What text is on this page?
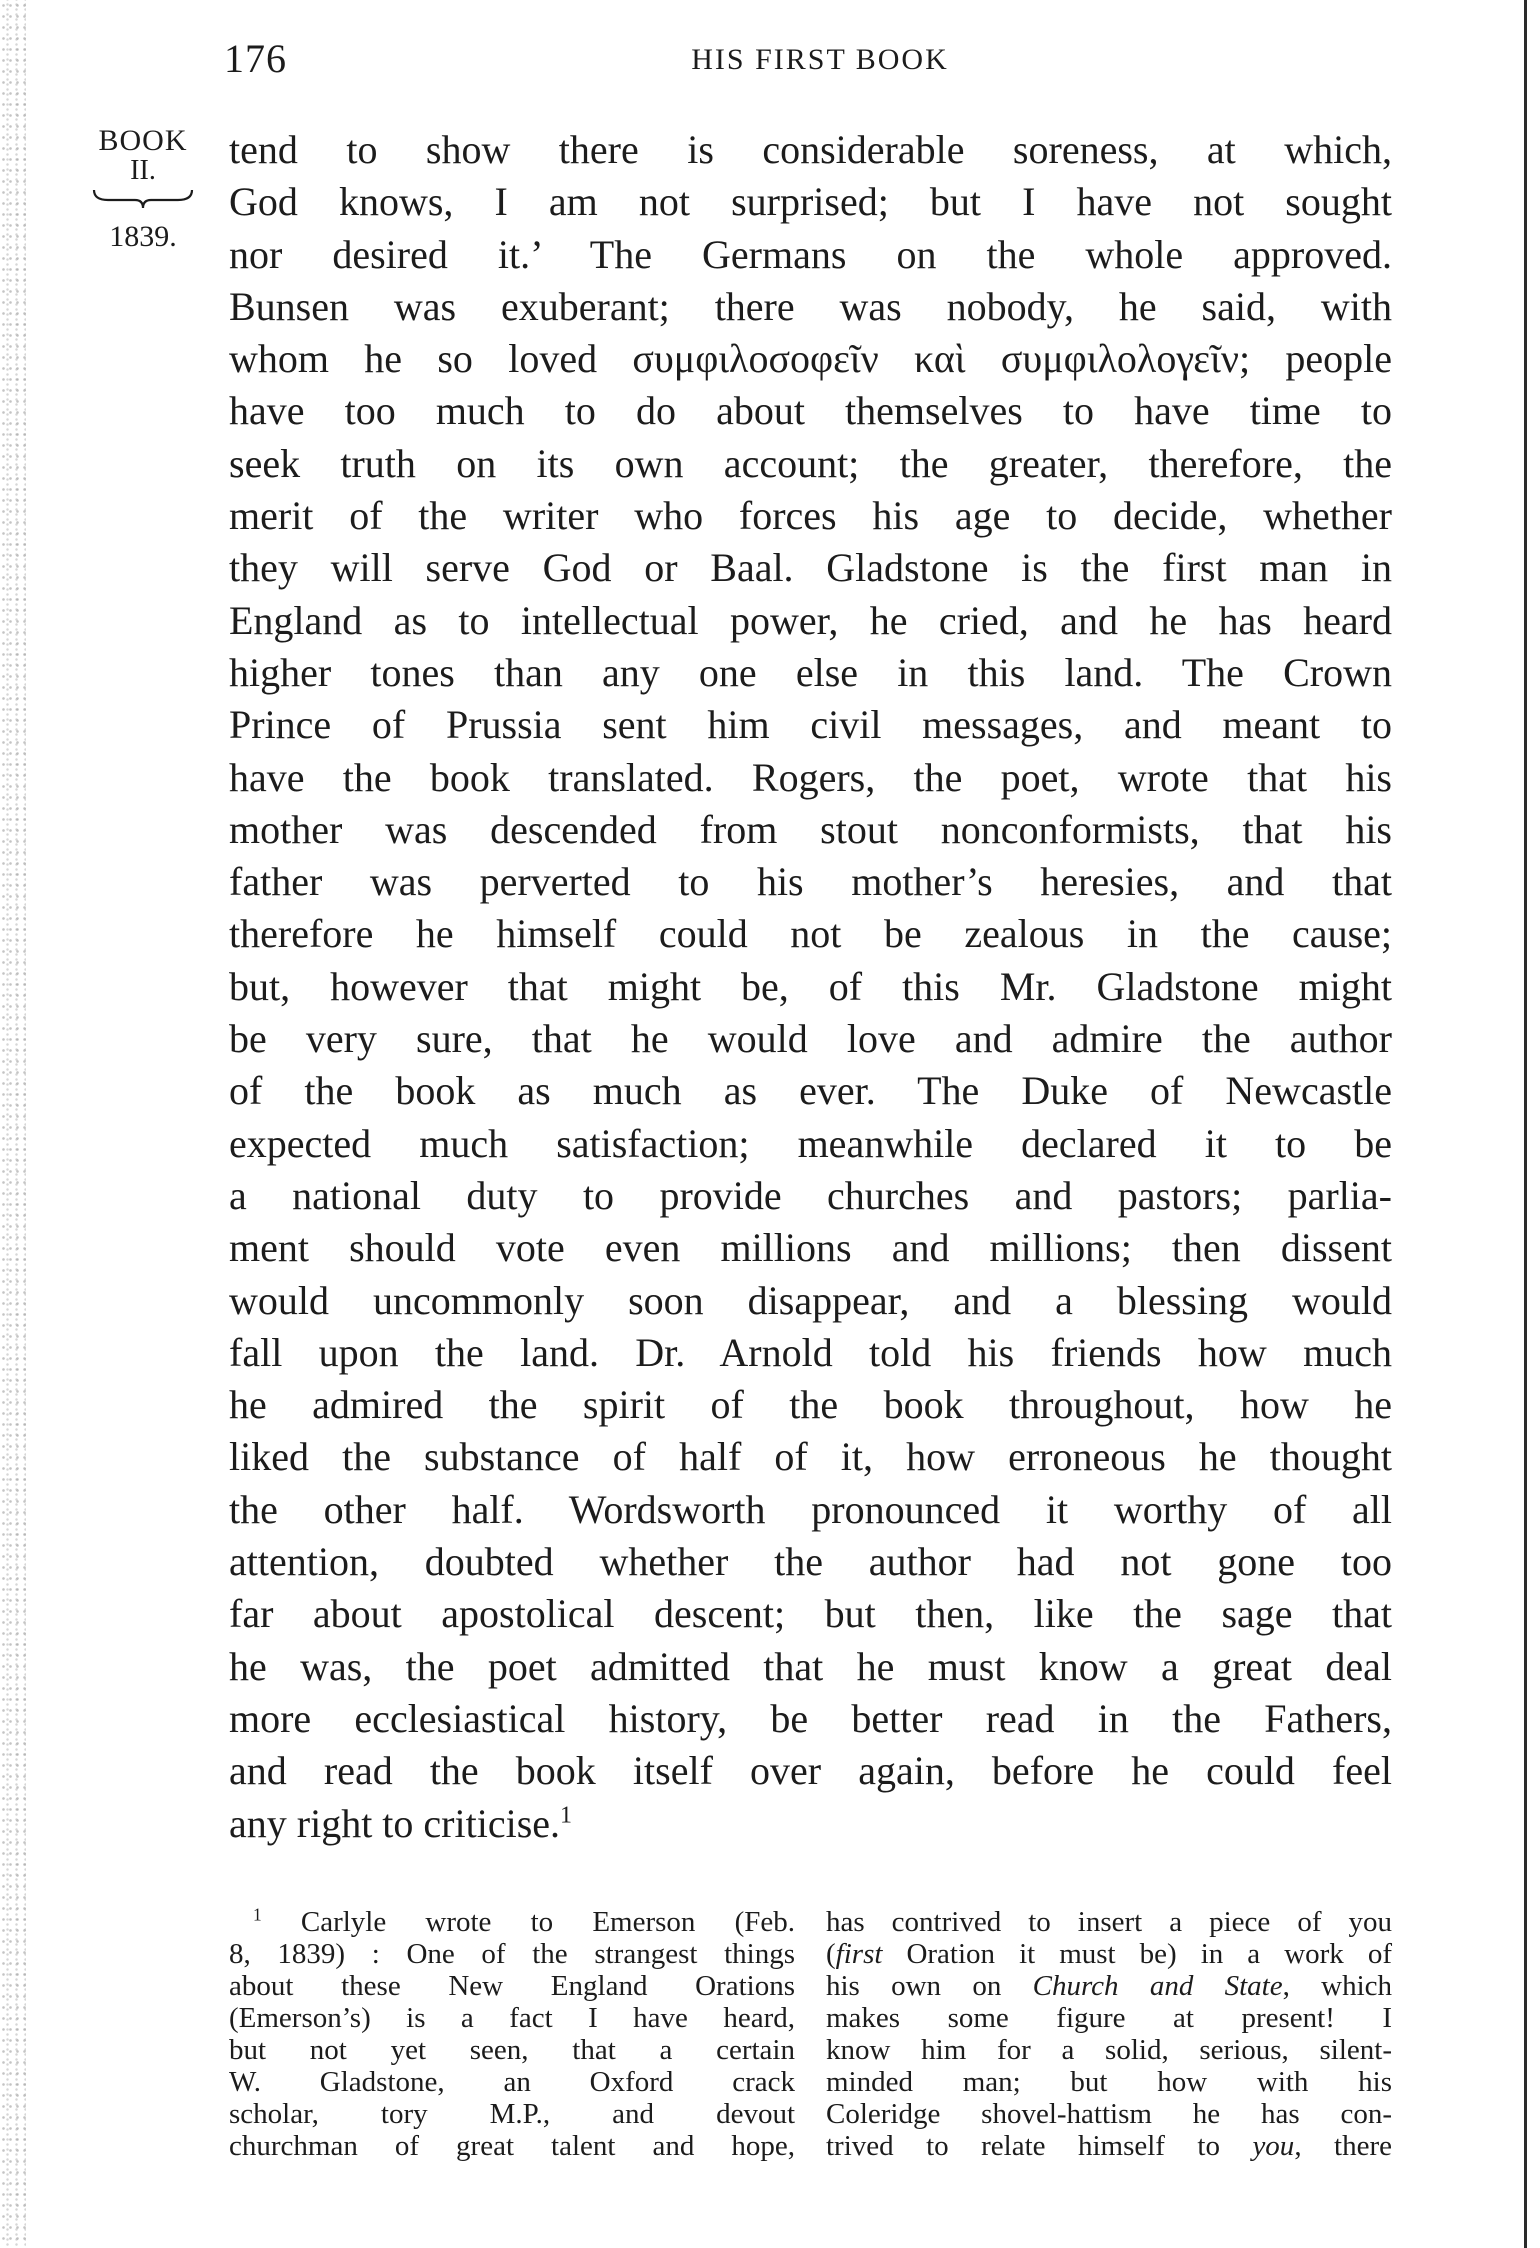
176	HIS FIRST BOOK
BOOK
II.
1839.
tend to show there is considerable soreness, at which,
God knows, I am not surprised; but I have not sought
nor desired it.’ The Germans on the whole approved.
Bunsen was exuberant; there was nobody, he said, with
whom he so loved συμφιλοσοφεῖν καὶ συμφιλολογεῖν; people
have too much to do about themselves to have time to
seek truth on its own account; the greater, therefore, the
merit of the writer who forces his age to decide, whether
they will serve God or Baal. Gladstone is the first man in
England as to intellectual power, he cried, and he has heard
higher tones than any one else in this land. The Crown
Prince of Prussia sent him civil messages, and meant to
have the book translated. Rogers, the poet, wrote that his
mother was descended from stout nonconformists, that his
father was perverted to his mother’s heresies, and that
therefore he himself could not be zealous in the cause;
but, however that might be, of this Mr. Gladstone might
be very sure, that he would love and admire the author
of the book as much as ever. The Duke of Newcastle
expected much satisfaction; meanwhile declared it to be
a national duty to provide churches and pastors; parlia-
ment should vote even millions and millions; then dissent
would uncommonly soon disappear, and a blessing would
fall upon the land. Dr. Arnold told his friends how much
he admired the spirit of the book throughout, how he
liked the substance of half of it, how erroneous he thought
the other half. Wordsworth pronounced it worthy of all
attention, doubted whether the author had not gone too
far about apostolical descent; but then, like the sage that
he was, the poet admitted that he must know a great deal
more ecclesiastical history, be better read in the Fathers,
and read the book itself over again, before he could feel
any right to criticise.$^1$
$^1$ Carlyle wrote to Emerson (Feb.
8, 1839) : One of the strangest things
about these New England Orations
(Emerson’s) is a fact I have heard,
but not yet seen, that a certain
W. Gladstone, an Oxford crack
scholar, tory M.P., and devout
churchman of great talent and hope,
has contrived to insert a piece of you
(first Oration it must be) in a work of
his own on Church and State, which
makes some figure at present! I
know him for a solid, serious, silent-
minded man; but how with his
Coleridge shovel-hattism he has con-
trived to relate himself to you, there
